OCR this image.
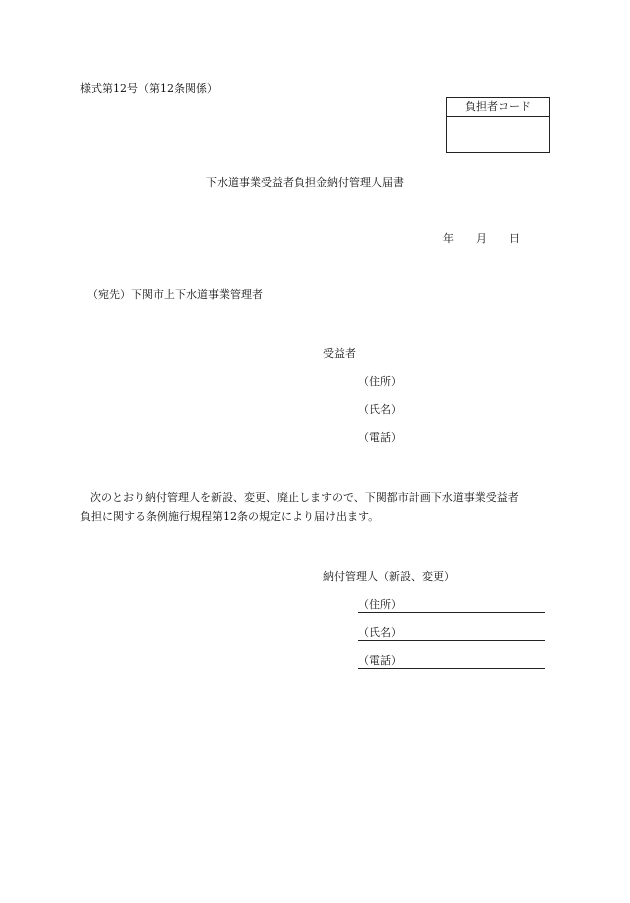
様式第12号（第12条関係）
負担者コード
下水道事業受益者負担金納付管理人届書
年 月 日
（宛先）下関市上下水道事業管理者
受益者
（住所）
（氏名）
（電話）
次のとおり納付管理人を新設、変更、廃止しますので、下関都市計画下水道事業受益者
負担に関する条例施行規程第12条の規定により届け出ます。
納付管理人（新設、変更）
（住所）
（氏名）
（電話）
